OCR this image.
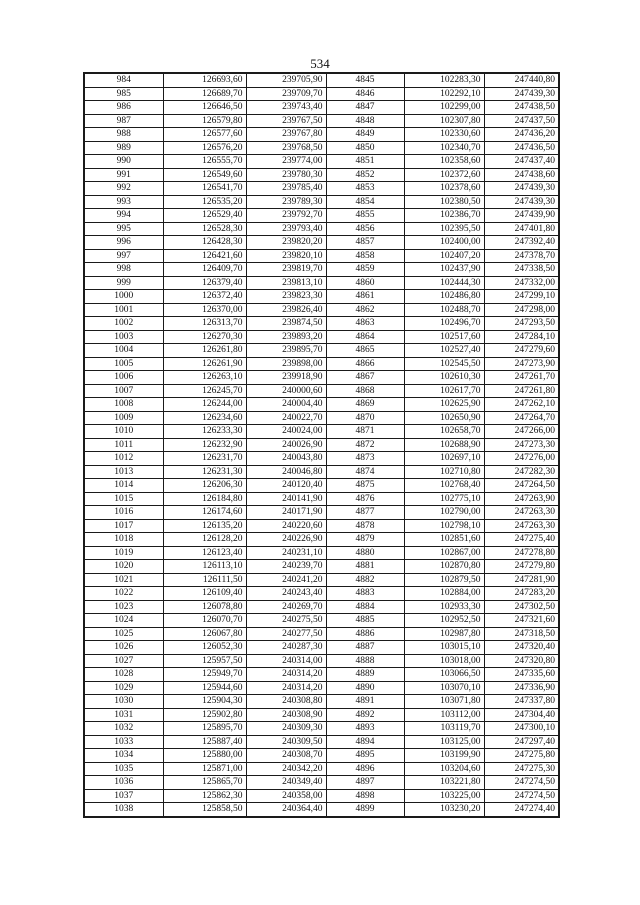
534
984	126693,60	239705,90	4845	102283,30	247440,80
985	126689,70	239709,70	4846	102292,10	247439,30
986	126646,50	239743,40	4847	102299,00	247438,50
987	126579,80	239767,50	4848	102307,80	247437,50
988	126577,60	239767,80	4849	102330,60	247436,20
989	126576,20	239768,50	4850	102340,70	247436,50
990	126555,70	239774,00	4851	102358,60	247437,40
991	126549,60	239780,30	4852	102372,60	247438,60
992	126541,70	239785,40	4853	102378,60	247439,30
993	126535,20	239789,30	4854	102380,50	247439,30
994	126529,40	239792,70	4855	102386,70	247439,90
995	126528,30	239793,40	4856	102395,50	247401,80
996	126428,30	239820,20	4857	102400,00	247392,40
997	126421,60	239820,10	4858	102407,20	247378,70
998	126409,70	239819,70	4859	102437,90	247338,50
999	126379,40	239813,10	4860	102444,30	247332,00
1000	126372,40	239823,30	4861	102486,80	247299,10
1001	126370,00	239826,40	4862	102488,70	247298,00
1002	126313,70	239874,50	4863	102496,70	247293,50
1003	126270,30	239893,20	4864	102517,60	247284,10
1004	126261,80	239895,70	4865	102527,40	247279,60
1005	126261,90	239898,00	4866	102545,50	247273,90
1006	126263,10	239918,90	4867	102610,30	247261,70
1007	126245,70	240000,60	4868	102617,70	247261,80
1008	126244,00	240004,40	4869	102625,90	247262,10
1009	126234,60	240022,70	4870	102650,90	247264,70
1010	126233,30	240024,00	4871	102658,70	247266,00
1011	126232,90	240026,90	4872	102688,90	247273,30
1012	126231,70	240043,80	4873	102697,10	247276,00
1013	126231,30	240046,80	4874	102710,80	247282,30
1014	126206,30	240120,40	4875	102768,40	247264,50
1015	126184,80	240141,90	4876	102775,10	247263,90
1016	126174,60	240171,90	4877	102790,00	247263,30
1017	126135,20	240220,60	4878	102798,10	247263,30
1018	126128,20	240226,90	4879	102851,60	247275,40
1019	126123,40	240231,10	4880	102867,00	247278,80
1020	126113,10	240239,70	4881	102870,80	247279,80
1021	126111,50	240241,20	4882	102879,50	247281,90
1022	126109,40	240243,40	4883	102884,00	247283,20
1023	126078,80	240269,70	4884	102933,30	247302,50
1024	126070,70	240275,50	4885	102952,50	247321,60
1025	126067,80	240277,50	4886	102987,80	247318,50
1026	126052,30	240287,30	4887	103015,10	247320,40
1027	125957,50	240314,00	4888	103018,00	247320,80
1028	125949,70	240314,20	4889	103066,50	247335,60
1029	125944,60	240314,20	4890	103070,10	247336,90
1030	125904,30	240308,80	4891	103071,80	247337,80
1031	125902,80	240308,90	4892	103112,00	247304,40
1032	125895,70	240309,30	4893	103119,70	247300,10
1033	125887,40	240309,50	4894	103125,00	247297,40
1034	125880,00	240308,70	4895	103199,90	247275,80
1035	125871,00	240342,20	4896	103204,60	247275,30
1036	125865,70	240349,40	4897	103221,80	247274,50
1037	125862,30	240358,00	4898	103225,00	247274,50
1038	125858,50	240364,40	4899	103230,20	247274,40
